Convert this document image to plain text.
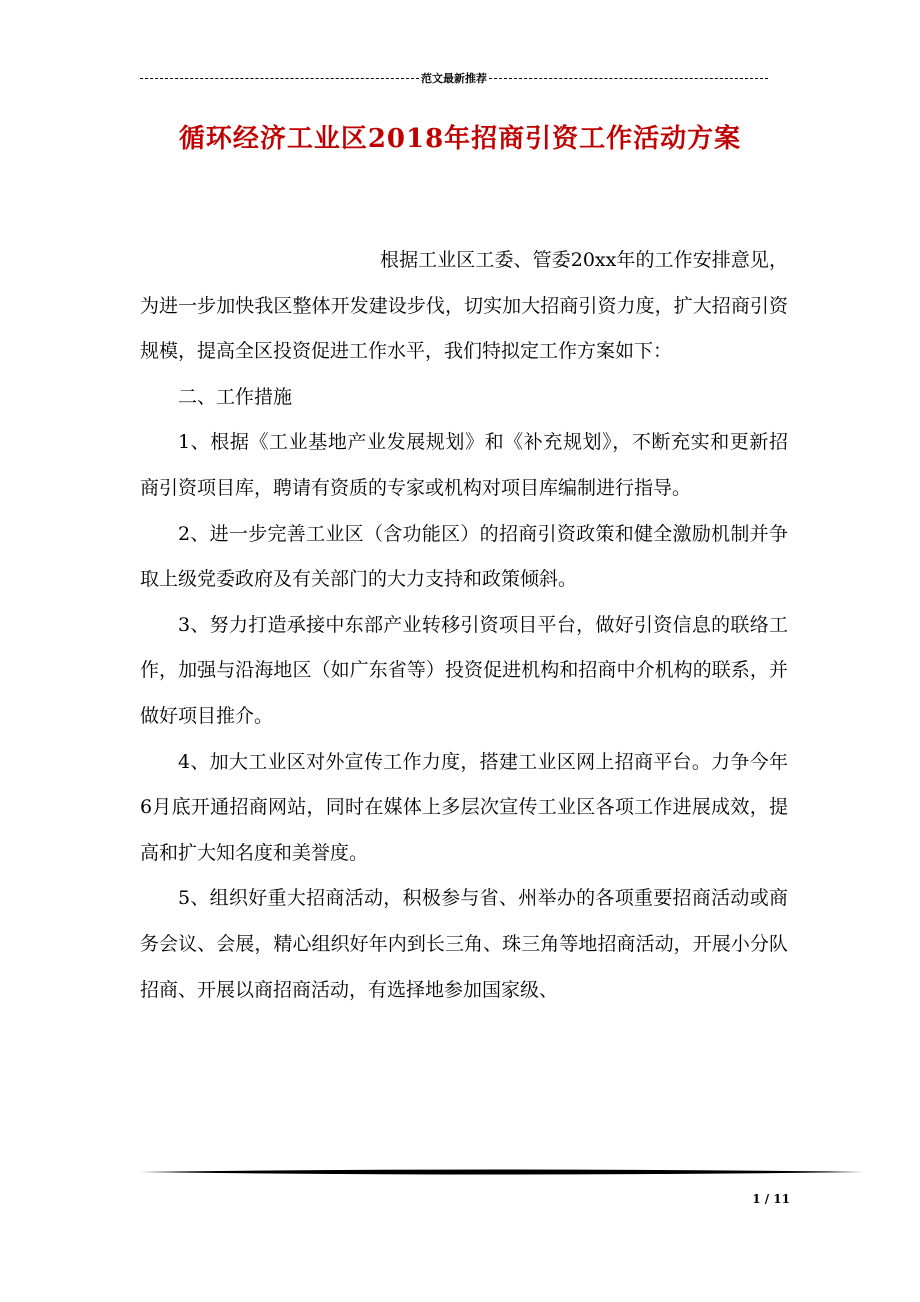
范文最新推荐
循环经济工业区2018年招商引资工作活动方案

根据工业区工委、管委20xx年的工作安排意见，为进一步加快我区整体开发建设步伐，切实加大招商引资力度，扩大招商引资规模，提高全区投资促进工作水平，我们特拟定工作方案如下：

二、工作措施

1、根据《工业基地产业发展规划》和《补充规划》，不断充实和更新招商引资项目库，聘请有资质的专家或机构对项目库编制进行指导。

2、进一步完善工业区（含功能区）的招商引资政策和健全激励机制并争取上级党委政府及有关部门的大力支持和政策倾斜。

3、努力打造承接中东部产业转移引资项目平台，做好引资信息的联络工作，加强与沿海地区（如广东省等）投资促进机构和招商中介机构的联系，并做好项目推介。

4、加大工业区对外宣传工作力度，搭建工业区网上招商平台。力争今年6月底开通招商网站，同时在媒体上多层次宣传工业区各项工作进展成效，提高和扩大知名度和美誉度。

5、组织好重大招商活动，积极参与省、州举办的各项重要招商活动或商务会议、会展，精心组织好年内到长三角、珠三角等地招商活动，开展小分队招商、开展以商招商活动，有选择地参加国家级、

1 / 11
